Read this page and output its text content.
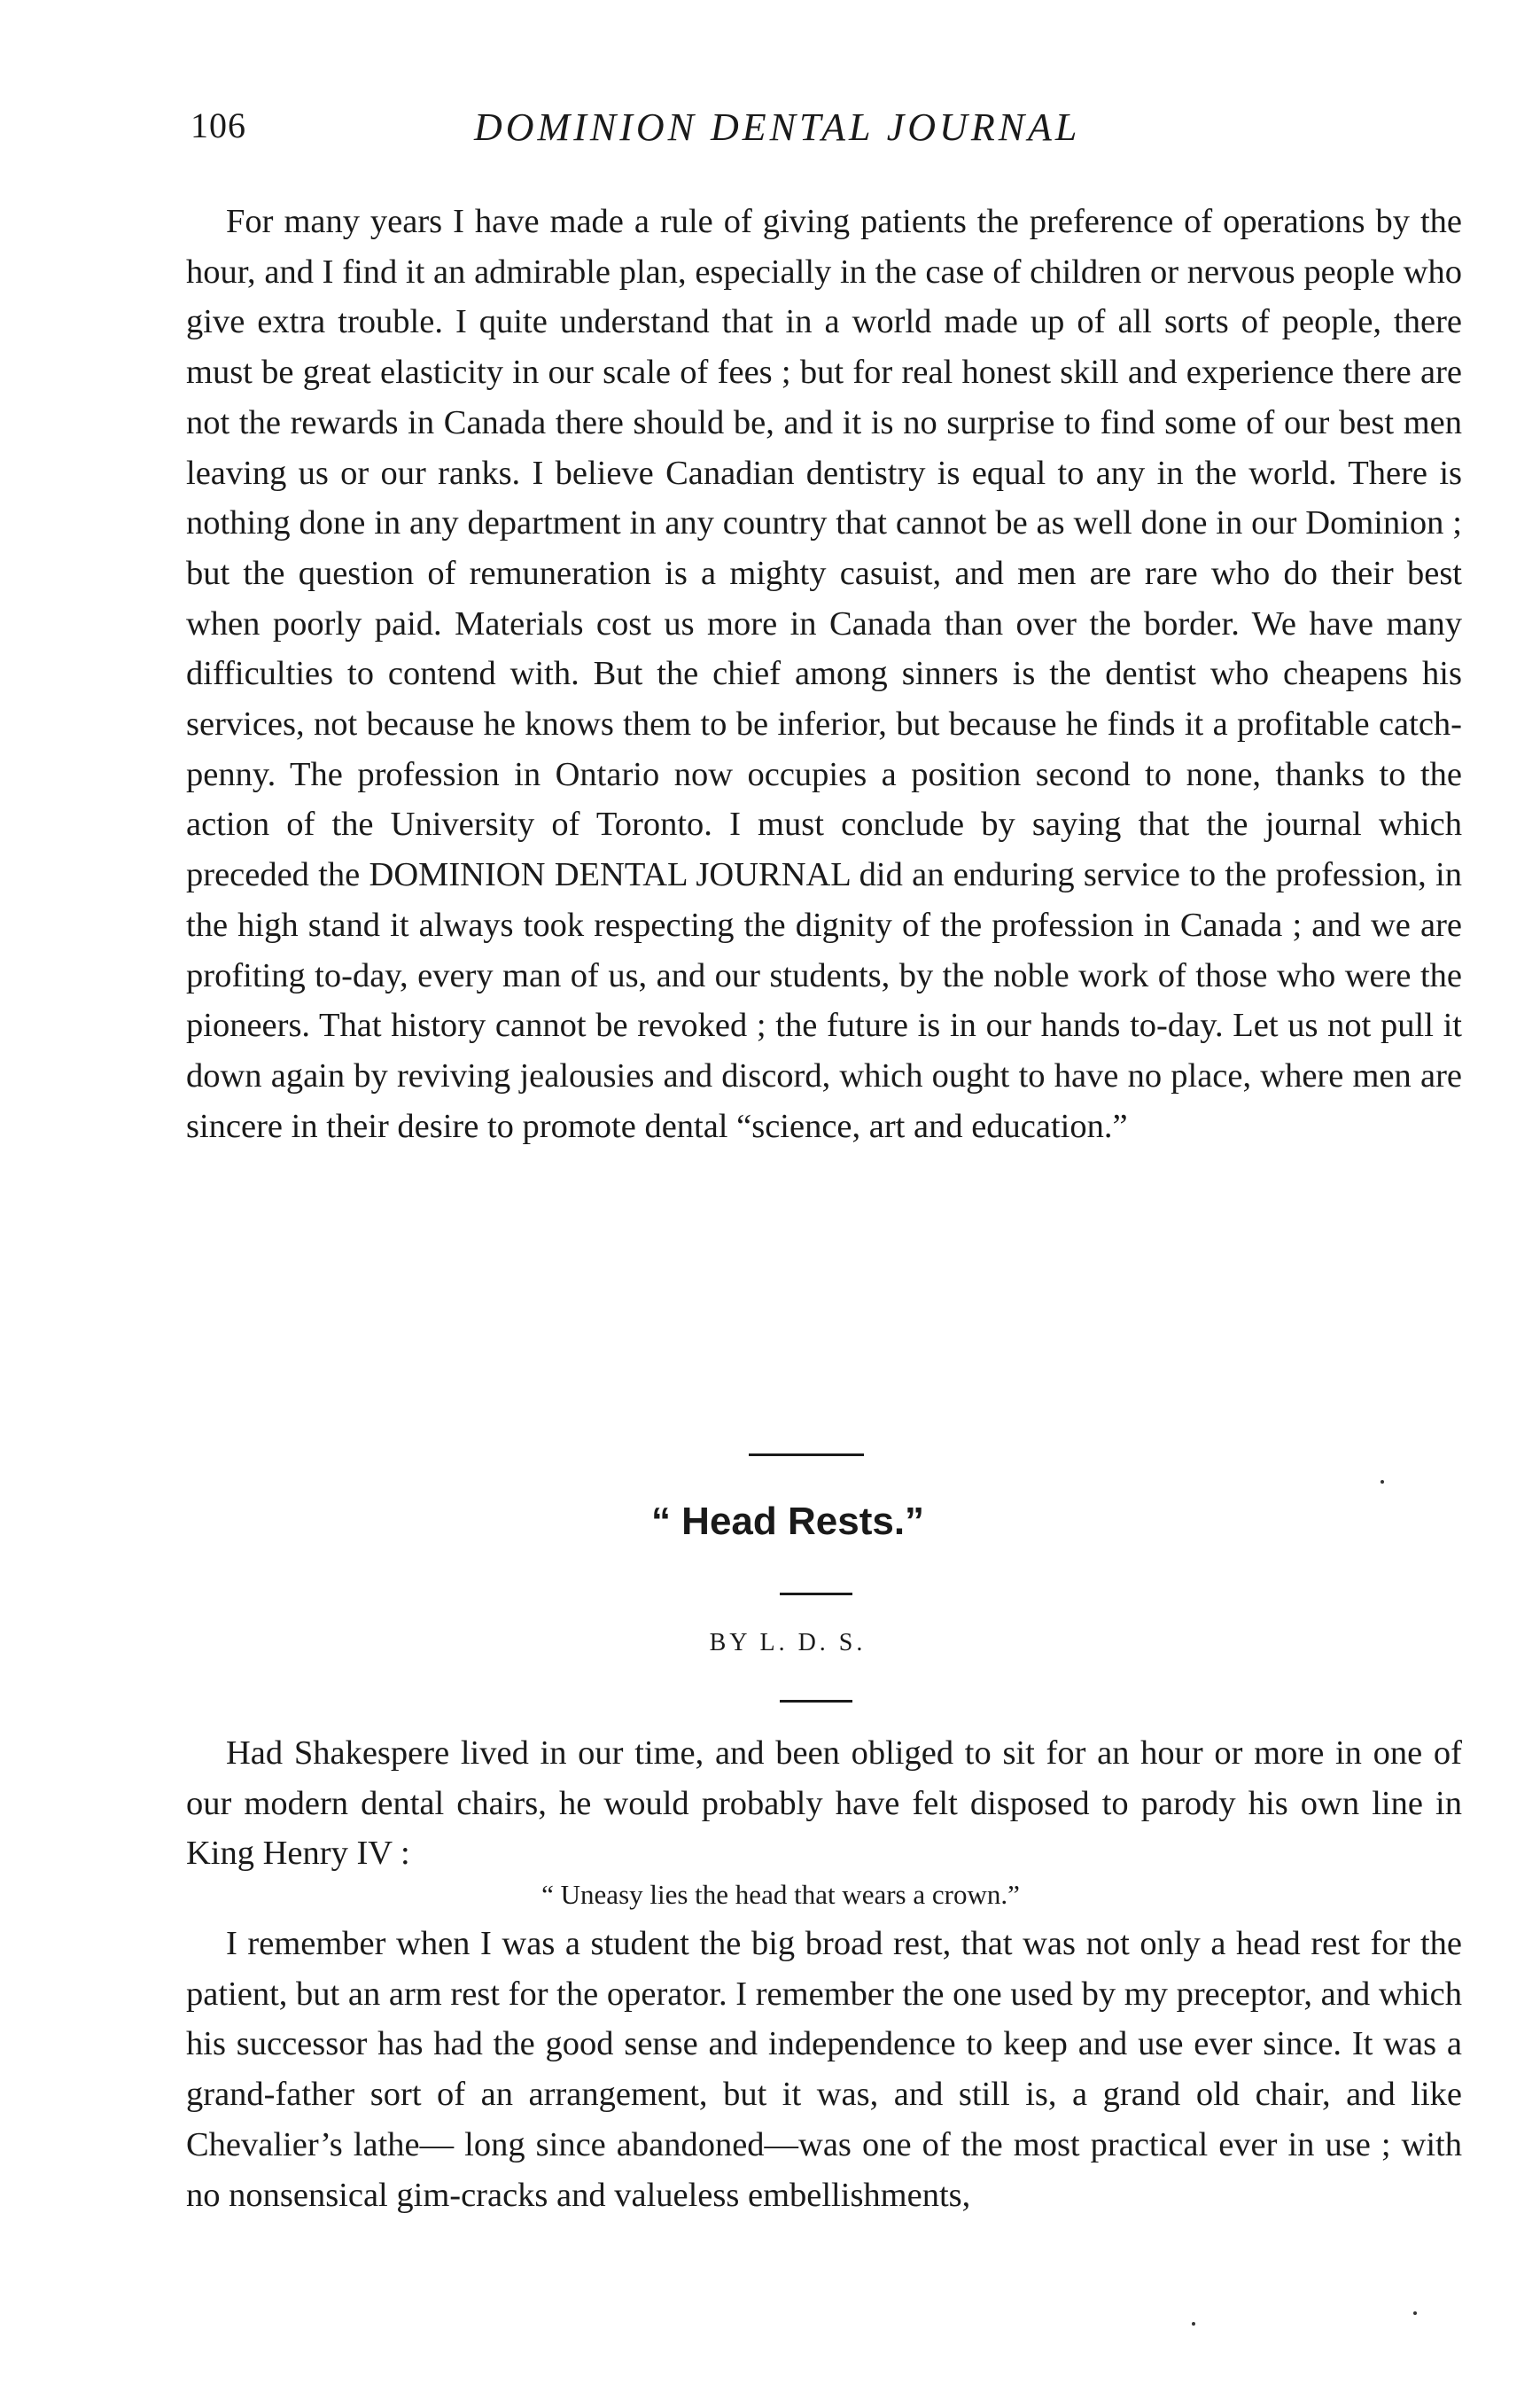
106	DOMINION DENTAL JOURNAL

For many years I have made a rule of giving patients the preference of operations by the hour, and I find it an admirable plan, especially in the case of children or nervous people who give extra trouble. I quite understand that in a world made up of all sorts of people, there must be great elasticity in our scale of fees ; but for real honest skill and experience there are not the rewards in Canada there should be, and it is no surprise to find some of our best men leaving us or our ranks. I believe Canadian dentistry is equal to any in the world. There is nothing done in any department in any country that cannot be as well done in our Dominion ; but the question of remuneration is a mighty casuist, and men are rare who do their best when poorly paid. Materials cost us more in Canada than over the border. We have many difficulties to contend with. But the chief among sinners is the dentist who cheapens his services, not because he knows them to be inferior, but because he finds it a profitable catch-penny. The profession in Ontario now occupies a position second to none, thanks to the action of the University of Toronto. I must conclude by saying that the journal which preceded the DOMINION DENTAL JOURNAL did an enduring service to the profession, in the high stand it always took respecting the dignity of the profession in Canada ; and we are profiting to-day, every man of us, and our students, by the noble work of those who were the pioneers. That history cannot be revoked ; the future is in our hands to-day. Let us not pull it down again by reviving jealousies and discord, which ought to have no place, where men are sincere in their desire to promote dental “science, art and education.”

“ Head Rests.”
BY L. D. S.

Had Shakespere lived in our time, and been obliged to sit for an hour or more in one of our modern dental chairs, he would probably have felt disposed to parody his own line in King Henry IV :

“ Uneasy lies the head that wears a crown.”

I remember when I was a student the big broad rest, that was not only a head rest for the patient, but an arm rest for the operator. I remember the one used by my preceptor, and which his successor has had the good sense and independence to keep and use ever since. It was a grand-father sort of an arrangement, but it was, and still is, a grand old chair, and like Chevalier’s lathe— long since abandoned—was one of the most practical ever in use ; with no nonsensical gim-cracks and valueless embellishments,
